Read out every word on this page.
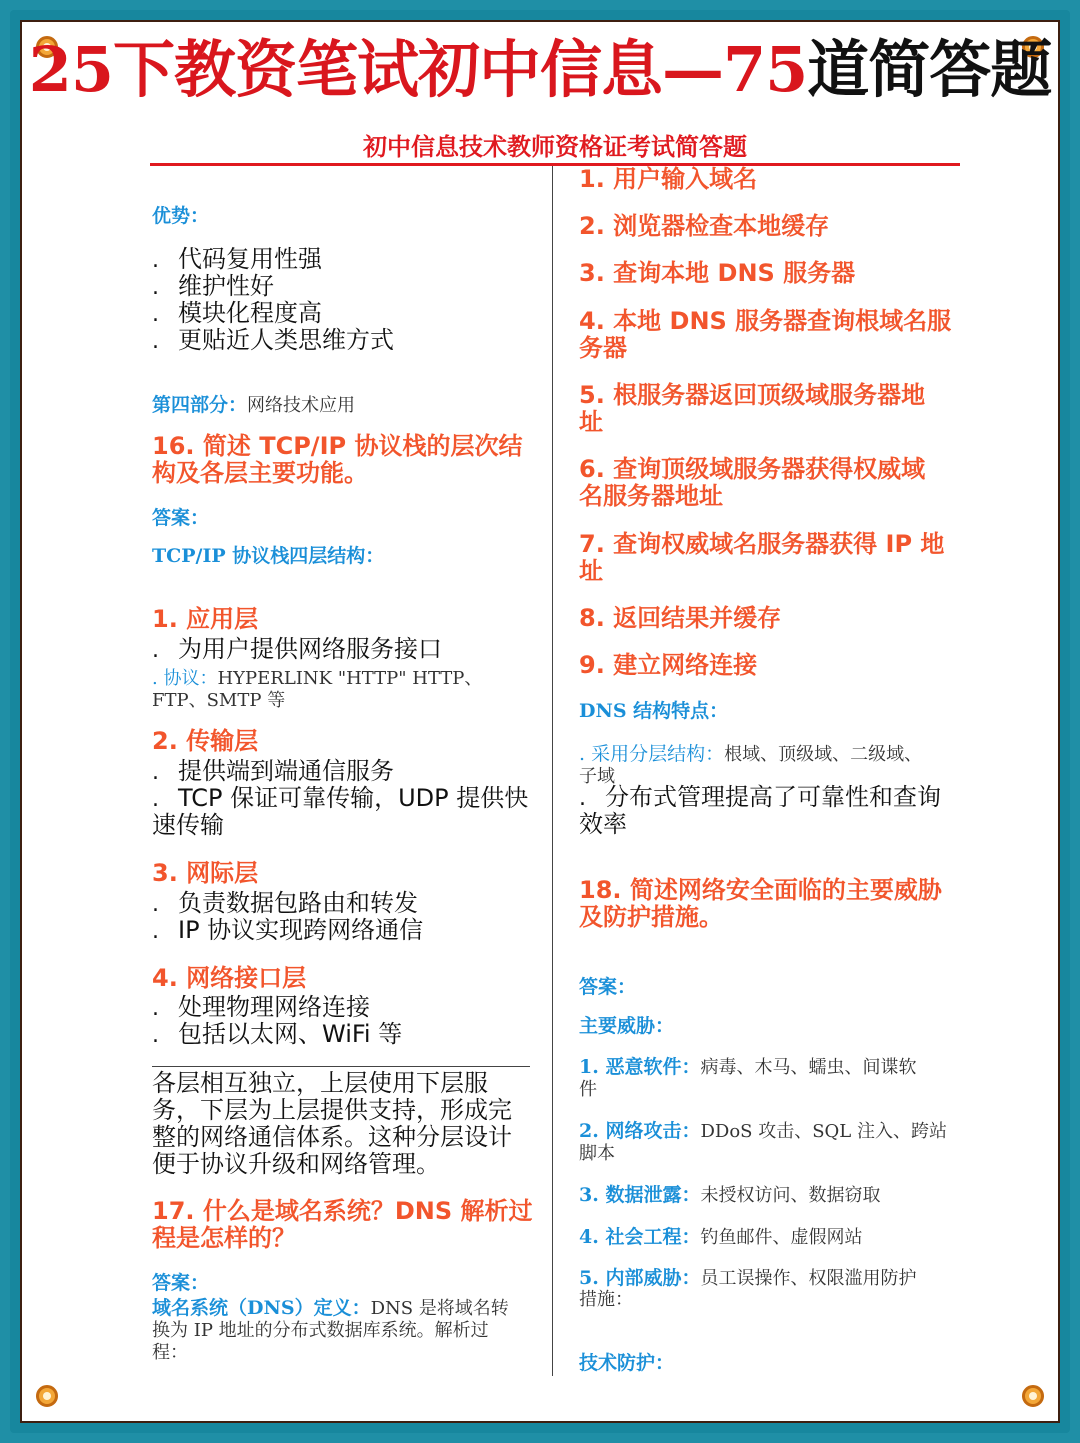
25下教资笔试初中信息—75道简答题
初中信息技术教师资格证考试简答题
优势：
. 代码复用性强
. 维护性好
. 模块化程度高
. 更贴近人类思维方式
第四部分：网络技术应用
16. 简述 TCP/IP 协议栈的层次结
构及各层主要功能。
答案：
TCP/IP 协议栈四层结构：
1. 应用层
. 为用户提供网络服务接口
. 协议：HYPERLINK "HTTP" HTTP、
FTP、SMTP 等
2. 传输层
. 提供端到端通信服务
. TCP 保证可靠传输，UDP 提供快
速传输
3. 网际层
. 负责数据包路由和转发
. IP 协议实现跨网络通信
4. 网络接口层
. 处理物理网络连接
. 包括以太网、WiFi 等
各层相互独立，上层使用下层服
务，下层为上层提供支持，形成完
整的网络通信体系。这种分层设计
便于协议升级和网络管理。
17. 什么是域名系统？DNS 解析过
程是怎样的？
答案：
域名系统（DNS）定义：DNS 是将域名转
换为 IP 地址的分布式数据库系统。解析过
程：
1. 用户输入域名
2. 浏览器检查本地缓存
3. 查询本地 DNS 服务器
4. 本地 DNS 服务器查询根域名服
务器
5. 根服务器返回顶级域服务器地
址
6. 查询顶级域服务器获得权威域
名服务器地址
7. 查询权威域名服务器获得 IP 地
址
8. 返回结果并缓存
9. 建立网络连接
DNS 结构特点：
. 采用分层结构：根域、顶级域、二级域、
子域
. 分布式管理提高了可靠性和查询
效率
18. 简述网络安全面临的主要威胁
及防护措施。
答案：
主要威胁：
1. 恶意软件：病毒、木马、蠕虫、间谍软
件
2. 网络攻击：DDoS 攻击、SQL 注入、跨站
脚本
3. 数据泄露：未授权访问、数据窃取
4. 社会工程：钓鱼邮件、虚假网站
5. 内部威胁：员工误操作、权限滥用防护
措施：
技术防护：
